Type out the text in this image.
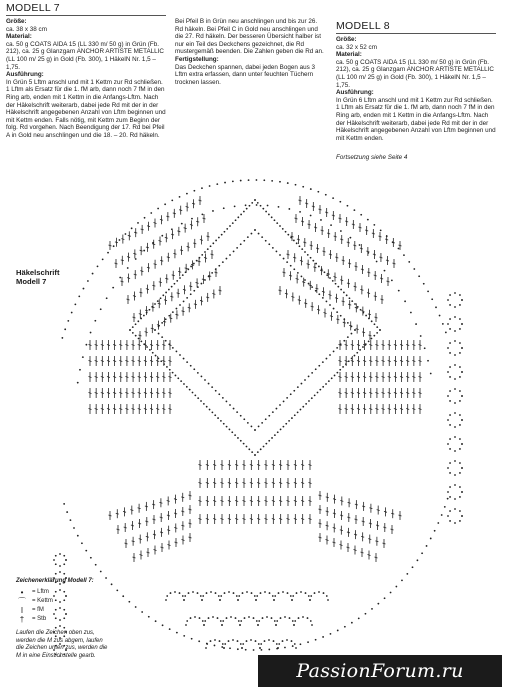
MODELL 7

Größe:

ca. 38 x 38 cm

Material:

ca. 50 g COATS AIDA 15 (LL 330 m/ 50 g) in Grün (Fb. 212), ca. 25 g Glanzgarn ANCHOR ARTISTE METALLIC (LL 100 m/ 25 g) in Gold (Fb. 300), 1 HäkelN Nr. 1,5 – 1,75.

Ausführung:

In Grün 5 Lftm anschl und mit 1 Kettm zur Rd schließen. 1 Lftm als Ersatz für die 1. fM arb, dann noch 7 fM in den Ring arb, enden mit 1 Kettm in die Anfangs-Lftm. Nach der Häkelschrift weiterarb, dabei jede Rd mit der in der Häkelschrift angegebenen Anzahl von Lftm beginnen und mit Kettm enden. Falls nötig, mit Kettm zum Beginn der folg. Rd vorgehen. Nach Beendigung der 17. Rd bei Pfeil A in Gold neu anschlingen und die 18. – 20. Rd häkeln.

Bei Pfeil B in Grün neu anschlingen und bis zur 26. Rd häkeln. Bei Pfeil C in Gold neu anschlingen und die 27. Rd häkeln. Der besseren Übersicht halber ist nur ein Teil des Deckchens gezeichnet, die Rd mustergemäß beenden. Die Zahlen geben die Rd an.

Fertigstellung:

Das Deckchen spannen, dabei jeden Bogen aus 3 Lftm extra erfassen, dann unter feuchten Tüchern trocknen lassen.

MODELL 8

Größe:

ca. 32 x 52 cm

Material:

ca. 50 g COATS AIDA 15 (LL 330 m/ 50 g) in Grün (Fb. 212), ca. 25 g Glanzgarn ANCHOR ARTISTE METALLIC (LL 100 m/ 25 g) in Gold (Fb. 300), 1 HäkelN Nr. 1,5 – 1,75.

Ausführung:

In Grün 6 Lftm anschl und mit 1 Kettm zur Rd schließen. 1 Lftm als Ersatz für die 1. fM arb, dann noch 7 fM in den Ring arb, enden mit 1 Kettm in die Anfangs-Lftm. Nach der Häkelschrift weiterarb, dabei jede Rd mit der in der Häkelschrift angegebenen Anzahl von Lftm beginnen und mit Kettm enden.

Fortsetzung siehe Seite 4

Häkelschrift
Modell 7
Zeichenerklärung Modell 7:
•	= Lftm
⌒	= Kettm
I	= fM
†	= Stb
Laufen die Zeichen oben zus, werden die M zus abgem, laufen die Zeichen unten zus, werden die M in eine Einstichstelle gearb.
PassionForum.ru
